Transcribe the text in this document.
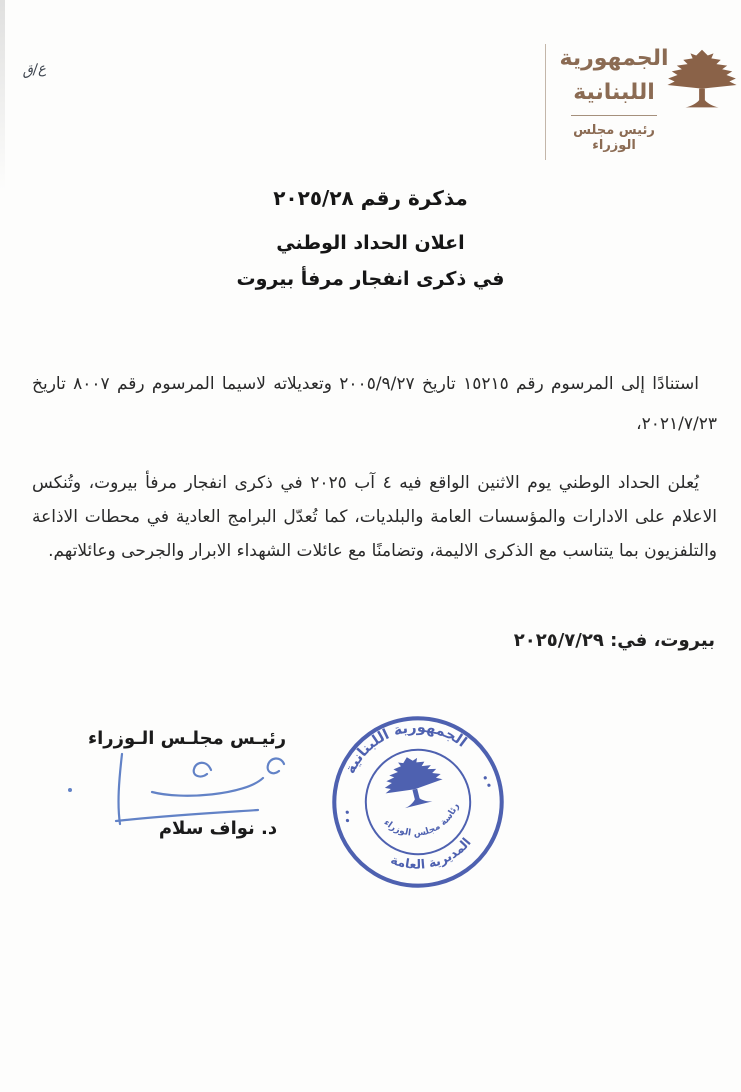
ع/ق	الجمهورية
اللبنانية
رئيس مجلس الوزراء
مذكرة رقم ٢٠٢٥/٢٨
اعلان الحداد الوطني
في ذكرى انفجار مرفأ بيروت

استنادًا إلى المرسوم رقم ١٥٢١٥ تاريخ ٢٠٠٥/٩/٢٧ وتعديلاته لاسيما المرسوم رقم ٨٠٠٧ تاريخ ٢٠٢١/٧/٢٣،

يُعلن الحداد الوطني يوم الاثنين الواقع فيه ٤ آب ٢٠٢٥ في ذكرى انفجار مرفأ بيروت، وتُنكس الاعلام على الادارات والمؤسسات العامة والبلديات، كما تُعدّل البرامج العادية في محطات الاذاعة والتلفزيون بما يتناسب مع الذكرى الاليمة، وتضامنًا مع عائلات الشهداء الابرار والجرحى وعائلاتهم.

بيروت، في: ٢٠٢٥/٧/٢٩
رئيـس مجلـس الـوزراء
د. نواف سلام
الجمهورية اللبنانية
رئاسة مجلس الوزراء
المديرية العامة
